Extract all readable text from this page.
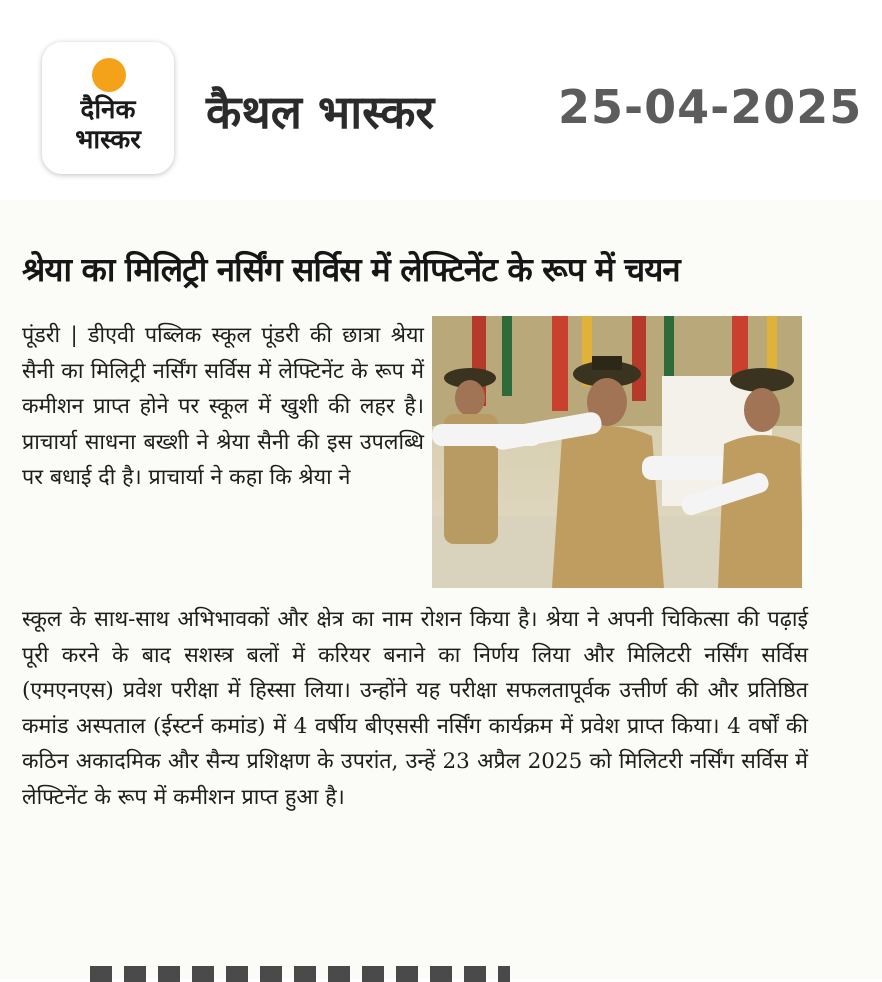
दैनिक
भास्कर
कैथल भास्कर	25-04-2025
श्रेया का मिलिट्री नर्सिंग सर्विस में लेफ्टिनेंट के रूप में चयन

पूंडरी | डीएवी पब्लिक स्कूल पूंडरी की छात्रा श्रेया सैनी का मिलिट्री नर्सिंग सर्विस में लेफ्टिनेंट के रूप में कमीशन प्राप्त होने पर स्कूल में खुशी की लहर है। प्राचार्या साधना बख्शी ने श्रेया सैनी की इस उपलब्धि पर बधाई दी है। प्राचार्या ने कहा कि श्रेया ने

स्कूल के साथ-साथ अभिभावकों और क्षेत्र का नाम रोशन किया है। श्रेया ने अपनी चिकित्सा की पढ़ाई पूरी करने के बाद सशस्त्र बलों में करियर बनाने का निर्णय लिया और मिलिटरी नर्सिंग सर्विस (एमएनएस) प्रवेश परीक्षा में हिस्सा लिया। उन्होंने यह परीक्षा सफलतापूर्वक उत्तीर्ण की और प्रतिष्ठित कमांड अस्पताल (ईस्टर्न कमांड) में 4 वर्षीय बीएससी नर्सिंग कार्यक्रम में प्रवेश प्राप्त किया। 4 वर्षों की कठिन अकादमिक और सैन्य प्रशिक्षण के उपरांत, उन्हें 23 अप्रैल 2025 को मिलिटरी नर्सिंग सर्विस में लेफ्टिनेंट के रूप में कमीशन प्राप्त हुआ है।
